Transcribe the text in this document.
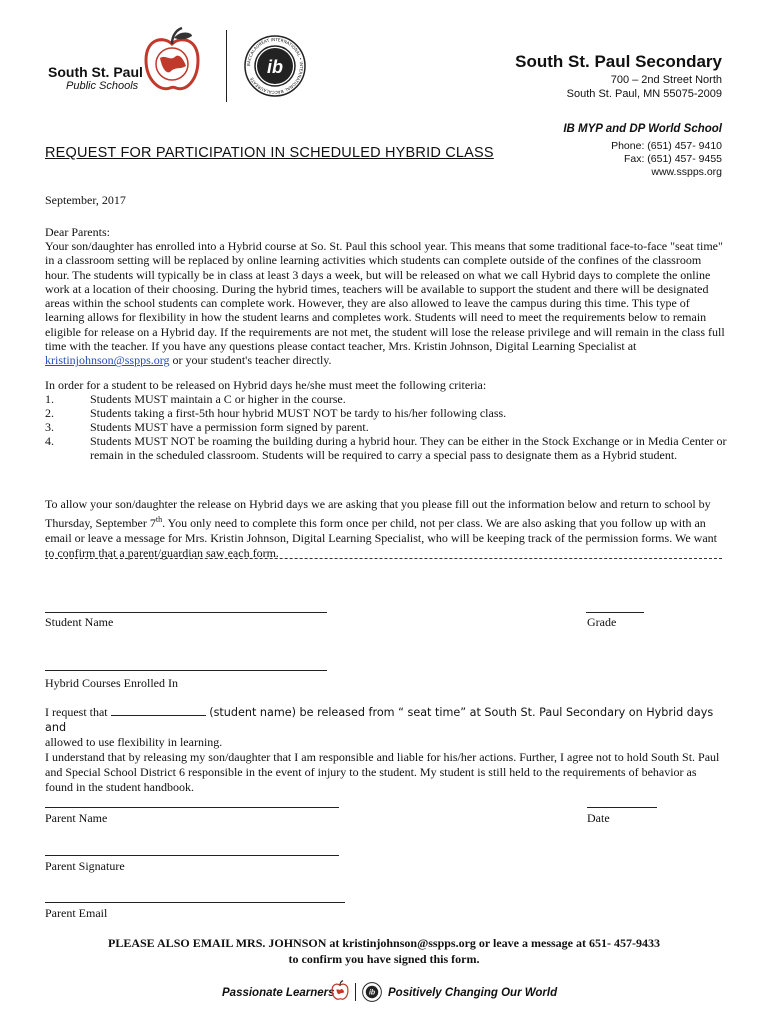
South St. Paul
Public Schools
ib
BACCALAURÉAT INTERNATIONAL • INTERNATIONAL BACCALAUREATE
South St. Paul Secondary
700 – 2nd Street North
South St. Paul, MN 55075-2009
IB MYP and DP World School
Phone: (651) 457- 9410
Fax: (651) 457- 9455
www.sspps.org
REQUEST FOR PARTICIPATION IN SCHEDULED HYBRID CLASS
September, 2017
Dear Parents:
Your son/daughter has enrolled into a Hybrid course at So. St. Paul this school year. This means that some traditional face-to-face "seat time" in a classroom setting will be replaced by online learning activities which students can complete outside of the confines of the classroom hour. The students will typically be in class at least 3 days a week, but will be released on what we call Hybrid days to complete the online work at a location of their choosing. During the hybrid times, teachers will be available to support the student and there will be designated areas within the school students can complete work. However, they are also allowed to leave the campus during this time. This type of learning allows for flexibility in how the student learns and completes work. Students will need to meet the requirements below to remain eligible for release on a Hybrid day. If the requirements are not met, the student will lose the release privilege and will remain in the class full time with the teacher. If you have any questions please contact teacher, Mrs. Kristin Johnson, Digital Learning Specialist at kristinjohnson@sspps.org or your student's teacher directly.
In order for a student to be released on Hybrid days he/she must meet the following criteria:
1.	Students MUST maintain a C or higher in the course.
2.	Students taking a first-5th hour hybrid MUST NOT be tardy to his/her following class.
3.	Students MUST have a permission form signed by parent.
4.	Students MUST NOT be roaming the building during a hybrid hour. They can be either in the Stock Exchange or in Media Center or remain in the scheduled classroom. Students will be required to carry a special pass to designate them as a Hybrid student.
To allow your son/daughter the release on Hybrid days we are asking that you please fill out the information below and return to school by Thursday, September 7th. You only need to complete this form once per child, not per class. We are also asking that you follow up with an email or leave a message for Mrs. Kristin Johnson, Digital Learning Specialist, who will be keeping track of the permission forms. We want to confirm that a parent/guardian saw each form.
Student Name	Grade
Hybrid Courses Enrolled In
I request that	(student name) be released from “ seat time” at South St. Paul Secondary on Hybrid days and
allowed to use flexibility in learning.
I understand that by releasing my son/daughter that I am responsible and liable for his/her actions. Further, I agree not to hold South St. Paul and Special School District 6 responsible in the event of injury to the student. My student is still held to the requirements of behavior as found in the student handbook.
Parent Name	Date
Parent Signature
Parent Email
PLEASE ALSO EMAIL MRS. JOHNSON at kristinjohnson@sspps.org or leave a message at 651- 457-9433
to confirm you have signed this form.
Passionate Learners ib Positively Changing Our World
